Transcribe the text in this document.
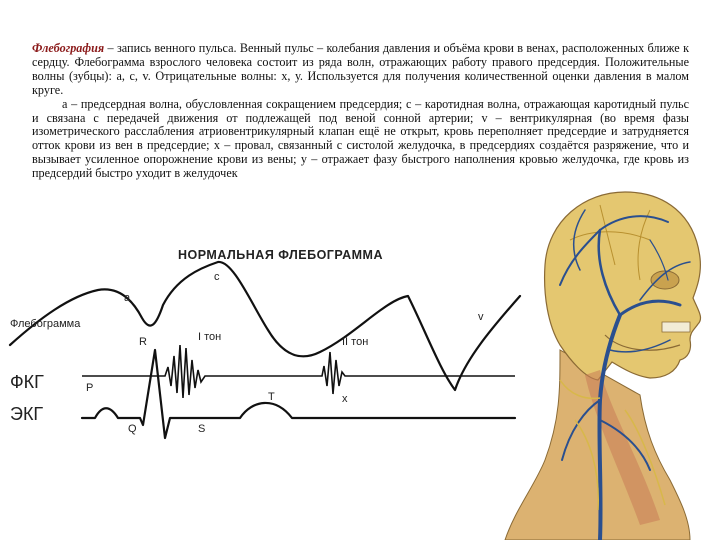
Флебография – запись венного пульса. Венный пульс – колебания давления и объёма крови в венах, расположенных ближе к сердцу. Флебограмма взрослого человека состоит из ряда волн, отражающих работу правого предсердия. Положительные волны (зубцы): а, с, v. Отрицательные волны: х, у. Используется для получения количественной оценки давления в малом круге.

а – предсердная волна, обусловленная сокращением предсердия; с – каротидная волна, отражающая каротидный пульс и связана с передачей движения от подлежащей под веной сонной артерии; v – вентрикулярная (во время фазы изометрического расслабления атриовентрикулярный клапан ещё не открыт, кровь переполняет предсердие и затрудняется отток крови из вен в предсердие; х – провал, связанный с систолой желудочка, в предсердиях создаётся разряжение, что и вызывает усиленное опорожнение крови из вены; у – отражает фазу быстрого наполнения кровью желудочка, где кровь из предсердий быстро уходит в желудочек

НОРМАЛЬНАЯ ФЛЕБОГРАММА
Флебограмма
ФКГ
ЭКГ
a
c
v
x
R
P
Q	S
T
I тон	II тон
